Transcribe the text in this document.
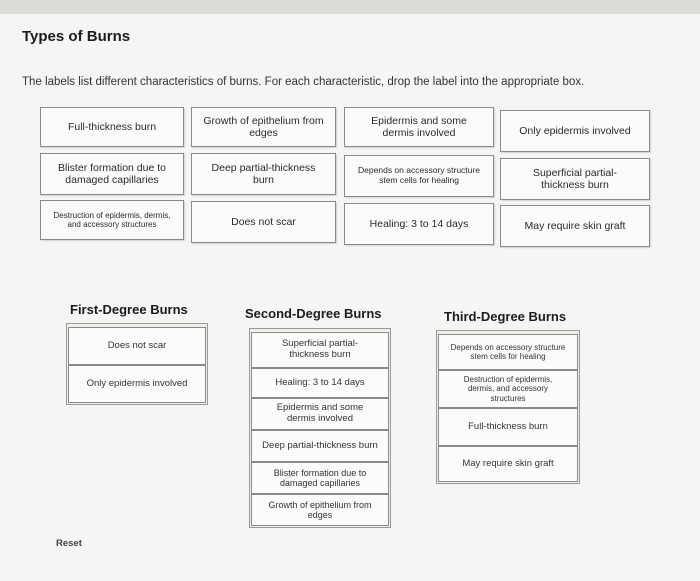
Types of Burns
The labels list different characteristics of burns. For each characteristic, drop the label into the appropriate box.
Full-thickness burn
Growth of epithelium from edges
Epidermis and some dermis involved	Only epidermis involved
Blister formation due to damaged capillaries
Deep partial-thickness burn
Depends on accessory structure stem cells for healing
Superficial partial-thickness burn
Destruction of epidermis, dermis, and accessory structures	Does not scar	Healing: 3 to 14 days	May require skin graft
First-Degree Burns
Does not scar
Only epidermis involved
Second-Degree Burns
Superficial partial-thickness burn
Healing: 3 to 14 days
Epidermis and some dermis involved
Deep partial-thickness burn
Blister formation due to damaged capillaries
Growth of epithelium from edges
Third-Degree Burns
Depends on accessory structure stem cells for healing
Destruction of epidermis, dermis, and accessory structures
Full-thickness burn
May require skin graft
Reset
